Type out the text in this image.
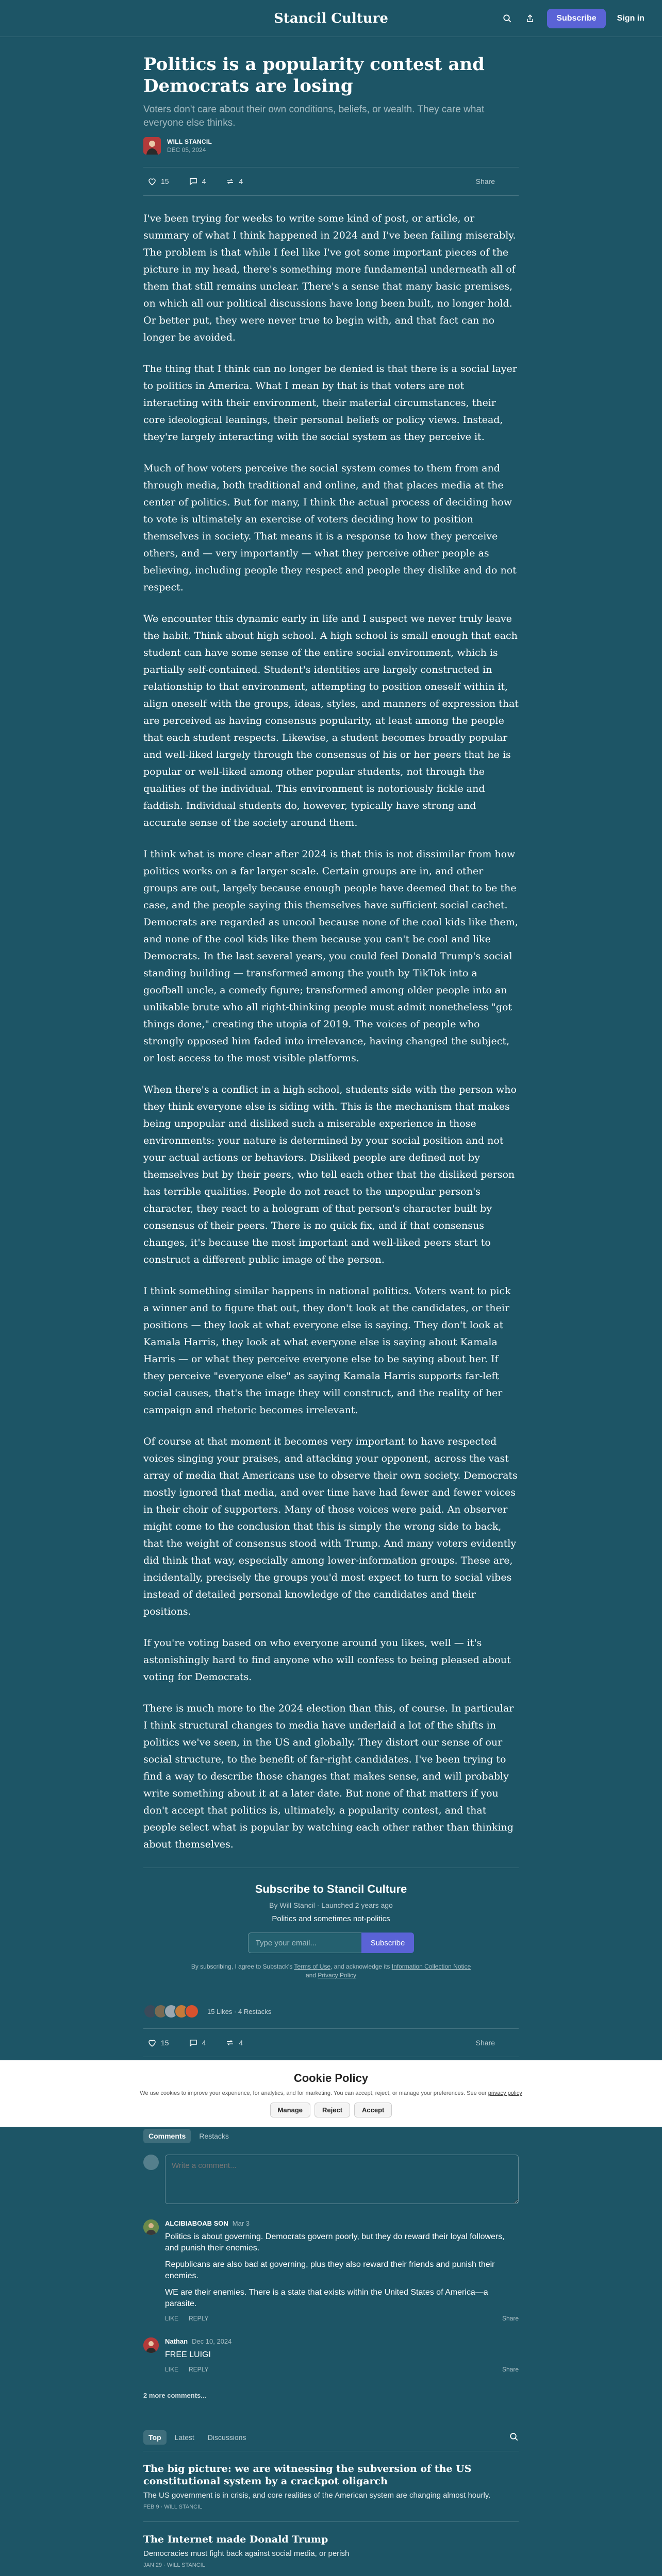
Stancil Culture	Subscribe	Sign in
Politics is a popularity contest and Democrats are losing
Voters don't care about their own conditions, beliefs, or wealth. They care what everyone else thinks.
WILL STANCIL
DEC 05, 2024
15	4	4	Share

I've been trying for weeks to write some kind of post, or article, or summary of what I think happened in 2024 and I've been failing miserably. The problem is that while I feel like I've got some important pieces of the picture in my head, there's something more fundamental underneath all of them that still remains unclear. There's a sense that many basic premises, on which all our political discussions have long been built, no longer hold. Or better put, they were never true to begin with, and that fact can no longer be avoided.

The thing that I think can no longer be denied is that there is a social layer to politics in America. What I mean by that is that voters are not interacting with their environment, their material circumstances, their core ideological leanings, their personal beliefs or policy views. Instead, they're largely interacting with the social system as they perceive it.

Much of how voters perceive the social system comes to them from and through media, both traditional and online, and that places media at the center of politics. But for many, I think the actual process of deciding how to vote is ultimately an exercise of voters deciding how to position themselves in society. That means it is a response to how they perceive others, and — very importantly — what they perceive other people as believing, including people they respect and people they dislike and do not respect.

We encounter this dynamic early in life and I suspect we never truly leave the habit. Think about high school. A high school is small enough that each student can have some sense of the entire social environment, which is partially self-contained. Student's identities are largely constructed in relationship to that environment, attempting to position oneself within it, align oneself with the groups, ideas, styles, and manners of expression that are perceived as having consensus popularity, at least among the people that each student respects. Likewise, a student becomes broadly popular and well-liked largely through the consensus of his or her peers that he is popular or well-liked among other popular students, not through the qualities of the individual. This environment is notoriously fickle and faddish. Individual students do, however, typically have strong and accurate sense of the society around them.

I think what is more clear after 2024 is that this is not dissimilar from how politics works on a far larger scale. Certain groups are in, and other groups are out, largely because enough people have deemed that to be the case, and the people saying this themselves have sufficient social cachet. Democrats are regarded as uncool because none of the cool kids like them, and none of the cool kids like them because you can't be cool and like Democrats. In the last several years, you could feel Donald Trump's social standing building — transformed among the youth by TikTok into a goofball uncle, a comedy figure; transformed among older people into an unlikable brute who all right-thinking people must admit nonetheless "got things done," creating the utopia of 2019. The voices of people who strongly opposed him faded into irrelevance, having changed the subject, or lost access to the most visible platforms.

When there's a conflict in a high school, students side with the person who they think everyone else is siding with. This is the mechanism that makes being unpopular and disliked such a miserable experience in those environments: your nature is determined by your social position and not your actual actions or behaviors. Disliked people are defined not by themselves but by their peers, who tell each other that the disliked person has terrible qualities. People do not react to the unpopular person's character, they react to a hologram of that person's character built by consensus of their peers. There is no quick fix, and if that consensus changes, it's because the most important and well-liked peers start to construct a different public image of the person.

I think something similar happens in national politics. Voters want to pick a winner and to figure that out, they don't look at the candidates, or their positions — they look at what everyone else is saying. They don't look at Kamala Harris, they look at what everyone else is saying about Kamala Harris — or what they perceive everyone else to be saying about her. If they perceive "everyone else" as saying Kamala Harris supports far-left social causes, that's the image they will construct, and the reality of her campaign and rhetoric becomes irrelevant.

Of course at that moment it becomes very important to have respected voices singing your praises, and attacking your opponent, across the vast array of media that Americans use to observe their own society. Democrats mostly ignored that media, and over time have had fewer and fewer voices in their choir of supporters. Many of those voices were paid. An observer might come to the conclusion that this is simply the wrong side to back, that the weight of consensus stood with Trump. And many voters evidently did think that way, especially among lower-information groups. These are, incidentally, precisely the groups you'd most expect to turn to social vibes instead of detailed personal knowledge of the candidates and their positions.

If you're voting based on who everyone around you likes, well — it's astonishingly hard to find anyone who will confess to being pleased about voting for Democrats.

There is much more to the 2024 election than this, of course. In particular I think structural changes to media have underlaid a lot of the shifts in politics we've seen, in the US and globally. They distort our sense of our social structure, to the benefit of far-right candidates. I've been trying to find a way to describe those changes that makes sense, and will probably write something about it at a later date. But none of that matters if you don't accept that politics is, ultimately, a popularity contest, and that people select what is popular by watching each other rather than thinking about themselves.

Subscribe to Stancil Culture
By Will Stancil · Launched 2 years ago
Politics and sometimes not-politics
Type your email...
Subscribe
By subscribing, I agree to Substack's Terms of Use, and acknowledge its Information Collection Notice and Privacy Policy
15 Likes · 4 Restacks
15	4	4	Share
Cookie Policy
We use cookies to improve your experience, for analytics, and for marketing. You can accept, reject, or manage your preferences. See our privacy policy
Manage	Reject	Accept
Comments	Restacks
Write a comment...
ALCIBIABOAB SON Mar 3

Politics is about governing. Democrats govern poorly, but they do reward their loyal followers, and punish their enemies.

Republicans are also bad at governing, plus they also reward their friends and punish their enemies.

WE are their enemies. There is a state that exists within the United States of America—a parasite.

LIKE REPLY	Share
Nathan Dec 10, 2024

FREE LUIGI

LIKE REPLY	Share
2 more comments...
Top	Latest	Discussions
The big picture: we are witnessing the subversion of the US constitutional system by a crackpot oligarch
The US government is in crisis, and core realities of the American system are changing almost hourly.
FEB 9 · WILL STANCIL
The Internet made Donald Trump
Democracies must fight back against social media, or perish
JAN 29 · WILL STANCIL
